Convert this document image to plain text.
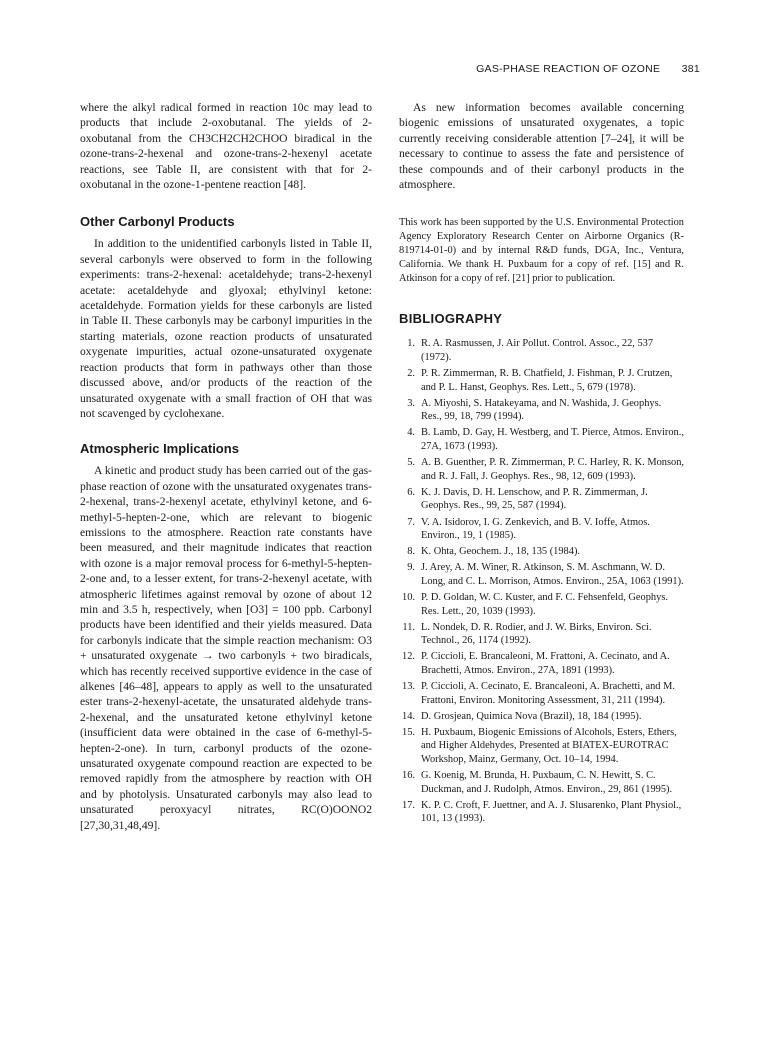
GAS-PHASE REACTION OF OZONE 381

where the alkyl radical formed in reaction 10c may lead to products that include 2-oxobutanal. The yields of 2-oxobutanal from the CH3CH2CH2CHOO biradical in the ozone-trans-2-hexenal and ozone-trans-2-hexenyl acetate reactions, see Table II, are consistent with that for 2-oxobutanal in the ozone-1-pentene reaction [48].

Other Carbonyl Products

In addition to the unidentified carbonyls listed in Table II, several carbonyls were observed to form in the following experiments: trans-2-hexenal: acetaldehyde; trans-2-hexenyl acetate: acetaldehyde and glyoxal; ethylvinyl ketone: acetaldehyde. Formation yields for these carbonyls are listed in Table II. These carbonyls may be carbonyl impurities in the starting materials, ozone reaction products of unsaturated oxygenate impurities, actual ozone-unsaturated oxygenate reaction products that form in pathways other than those discussed above, and/or products of the reaction of the unsaturated oxygenate with a small fraction of OH that was not scavenged by cyclohexane.

Atmospheric Implications

A kinetic and product study has been carried out of the gas-phase reaction of ozone with the unsaturated oxygenates trans-2-hexenal, trans-2-hexenyl acetate, ethylvinyl ketone, and 6-methyl-5-hepten-2-one, which are relevant to biogenic emissions to the atmosphere. Reaction rate constants have been measured, and their magnitude indicates that reaction with ozone is a major removal process for 6-methyl-5-hepten-2-one and, to a lesser extent, for trans-2-hexenyl acetate, with atmospheric lifetimes against removal by ozone of about 12 min and 3.5 h, respectively, when [O3] = 100 ppb. Carbonyl products have been identified and their yields measured. Data for carbonyls indicate that the simple reaction mechanism: O3 + unsaturated oxygenate → two carbonyls + two biradicals, which has recently received supportive evidence in the case of alkenes [46–48], appears to apply as well to the unsaturated ester trans-2-hexenyl-acetate, the unsaturated aldehyde trans-2-hexenal, and the unsaturated ketone ethylvinyl ketone (insufficient data were obtained in the case of 6-methyl-5-hepten-2-one). In turn, carbonyl products of the ozone-unsaturated oxygenate compound reaction are expected to be removed rapidly from the atmosphere by reaction with OH and by photolysis. Unsaturated carbonyls may also lead to unsaturated peroxyacyl nitrates, RC(O)OONO2 [27,30,31,48,49].

As new information becomes available concerning biogenic emissions of unsaturated oxygenates, a topic currently receiving considerable attention [7–24], it will be necessary to continue to assess the fate and persistence of these compounds and of their carbonyl products in the atmosphere.

This work has been supported by the U.S. Environmental Protection Agency Exploratory Research Center on Airborne Organics (R-819714-01-0) and by internal R&D funds, DGA, Inc., Ventura, California. We thank H. Puxbaum for a copy of ref. [15] and R. Atkinson for a copy of ref. [21] prior to publication.

BIBLIOGRAPHY
1. R. A. Rasmussen, J. Air Pollut. Control. Assoc., 22, 537 (1972).
2. P. R. Zimmerman, R. B. Chatfield, J. Fishman, P. J. Crutzen, and P. L. Hanst, Geophys. Res. Lett., 5, 679 (1978).
3. A. Miyoshi, S. Hatakeyama, and N. Washida, J. Geophys. Res., 99, 18, 799 (1994).
4. B. Lamb, D. Gay, H. Westberg, and T. Pierce, Atmos. Environ., 27A, 1673 (1993).
5. A. B. Guenther, P. R. Zimmerman, P. C. Harley, R. K. Monson, and R. J. Fall, J. Geophys. Res., 98, 12, 609 (1993).
6. K. J. Davis, D. H. Lenschow, and P. R. Zimmerman, J. Geophys. Res., 99, 25, 587 (1994).
7. V. A. Isidorov, I. G. Zenkevich, and B. V. Ioffe, Atmos. Environ., 19, 1 (1985).
8. K. Ohta, Geochem. J., 18, 135 (1984).
9. J. Arey, A. M. Winer, R. Atkinson, S. M. Aschmann, W. D. Long, and C. L. Morrison, Atmos. Environ., 25A, 1063 (1991).
10. P. D. Goldan, W. C. Kuster, and F. C. Fehsenfeld, Geophys. Res. Lett., 20, 1039 (1993).
11. L. Nondek, D. R. Rodier, and J. W. Birks, Environ. Sci. Technol., 26, 1174 (1992).
12. P. Ciccioli, E. Brancaleoni, M. Frattoni, A. Cecinato, and A. Brachetti, Atmos. Environ., 27A, 1891 (1993).
13. P. Ciccioli, A. Cecinato, E. Brancaleoni, A. Brachetti, and M. Frattoni, Environ. Monitoring Assessment, 31, 211 (1994).
14. D. Grosjean, Quimica Nova (Brazil), 18, 184 (1995).
15. H. Puxbaum, Biogenic Emissions of Alcohols, Esters, Ethers, and Higher Aldehydes, Presented at BIATEX-EUROTRAC Workshop, Mainz, Germany, Oct. 10–14, 1994.
16. G. Koenig, M. Brunda, H. Puxbaum, C. N. Hewitt, S. C. Duckman, and J. Rudolph, Atmos. Environ., 29, 861 (1995).
17. K. P. C. Croft, F. Juettner, and A. J. Slusarenko, Plant Physiol., 101, 13 (1993).
